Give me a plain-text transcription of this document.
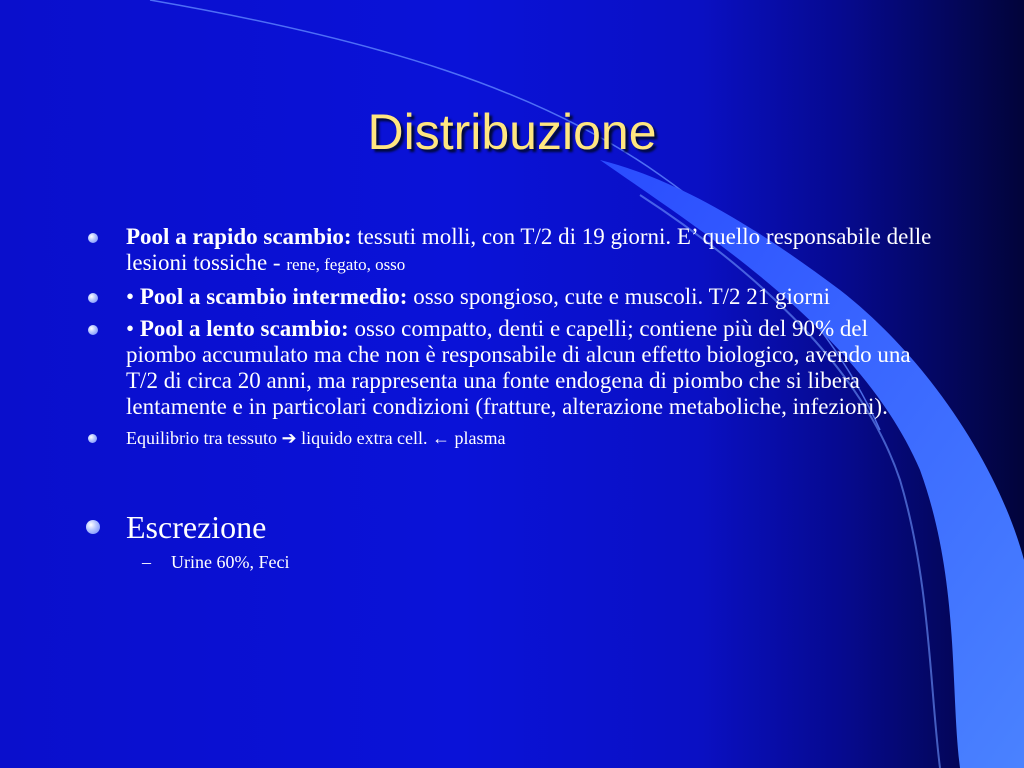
Distribuzione
Pool a rapido scambio: tessuti molli, con T/2 di 19 giorni. E’ quello responsabile delle lesioni tossiche - rene, fegato, osso
• Pool a scambio intermedio: osso spongioso, cute e muscoli. T/2 21 giorni
• Pool a lento scambio: osso compatto, denti e capelli; contiene più del 90% del piombo accumulato ma che non è responsabile di alcun effetto biologico, avendo una T/2 di circa 20 anni, ma rappresenta una fonte endogena di piombo che si libera lentamente e in particolari condizioni (fratture, alterazione metaboliche, infezioni).
Equilibrio tra tessuto ➔ liquido extra cell. ← plasma
Escrezione
– Urine 60%, Feci
